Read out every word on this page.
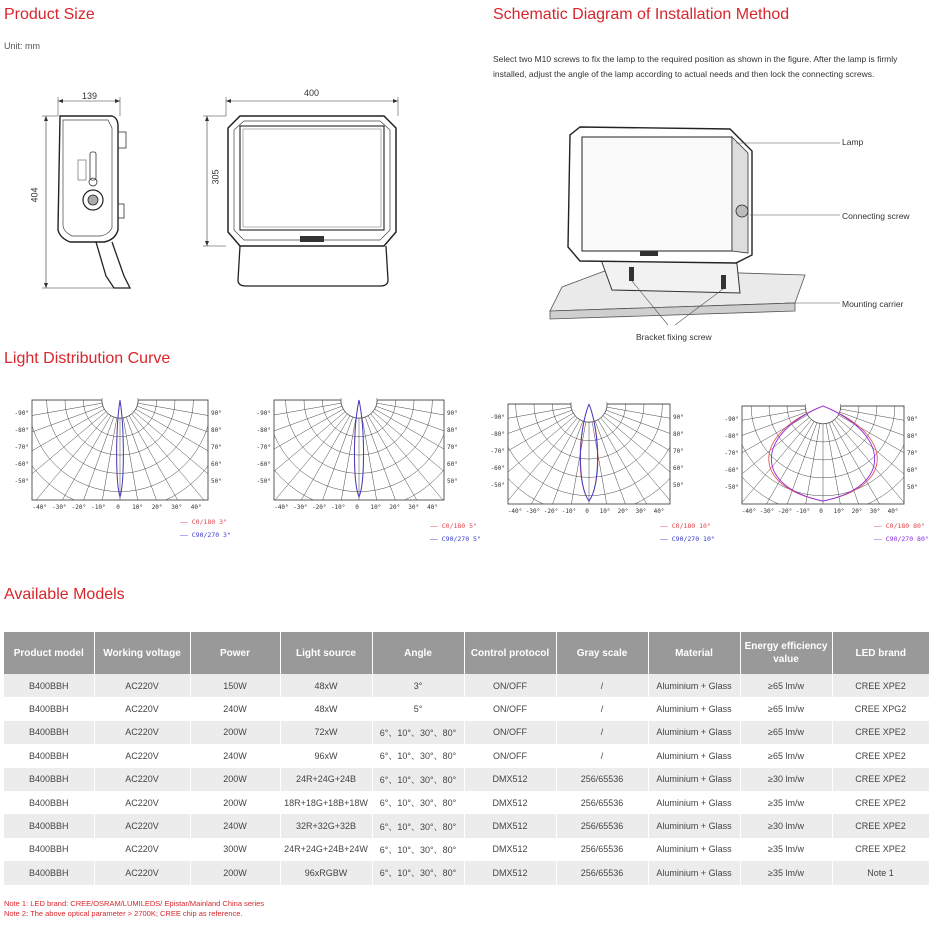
Product Size
Unit: mm
139
404
400
305
Schematic Diagram of Installation Method
Select two M10 screws to fix the lamp to the required position as shown in the figure. After the lamp is firmly installed, adjust the angle of the lamp according to actual needs and then lock the connecting screws.
Lamp
Connecting screw
Mounting carrier
Bracket fixing screw
Light Distribution Curve
-90°
-80°
-70°
-60°
-50°
90°
80°
70°
60°
50°
-40° -30° -20° -10° 0 10° 20° 30° 40°
—— C0/180 3°
—— C90/270 3°
-90°
-80°
-70°
-60°
-50°
90°
80°
70°
60°
50°
-40° -30° -20° -10° 0 10° 20° 30° 40°
—— C0/180 5°
—— C90/270 5°
-90°
-80°
-70°
-60°
-50°
90°
80°
70°
60°
50°
-40° -30° -20° -10° 0 10° 20° 30° 40°
—— C0/180 10°
—— C90/270 10°
-90°
-80°
-70°
-60°
-50°
90°
80°
70°
60°
50°
-40° -30° -20° -10° 0 10° 20° 30° 40°
—— C0/180 80°
—— C90/270 80°
Available Models
Product model	Working voltage	Power	Light source	Angle	Control protocol	Gray scale	Material	Energy efficiency value	LED brand
B400BBH	AC220V	150W	48xW	3°	ON/OFF	/	Aluminium + Glass	≥65 lm/w	CREE XPE2
B400BBH	AC220V	240W	48xW	5°	ON/OFF	/	Aluminium + Glass	≥65 lm/w	CREE XPG2
B400BBH	AC220V	200W	72xW	6°、10°、30°、80°	ON/OFF	/	Aluminium + Glass	≥65 lm/w	CREE XPE2
B400BBH	AC220V	240W	96xW	6°、10°、30°、80°	ON/OFF	/	Aluminium + Glass	≥65 lm/w	CREE XPE2
B400BBH	AC220V	200W	24R+24G+24B	6°、10°、30°、80°	DMX512	256/65536	Aluminium + Glass	≥30 lm/w	CREE XPE2
B400BBH	AC220V	200W	18R+18G+18B+18W	6°、10°、30°、80°	DMX512	256/65536	Aluminium + Glass	≥35 lm/w	CREE XPE2
B400BBH	AC220V	240W	32R+32G+32B	6°、10°、30°、80°	DMX512	256/65536	Aluminium + Glass	≥30 lm/w	CREE XPE2
B400BBH	AC220V	300W	24R+24G+24B+24W	6°、10°、30°、80°	DMX512	256/65536	Aluminium + Glass	≥35 lm/w	CREE XPE2
B400BBH	AC220V	200W	96xRGBW	6°、10°、30°、80°	DMX512	256/65536	Aluminium + Glass	≥35 lm/w	Note 1
Note 1: LED brand: CREE/OSRAM/LUMILEDS/ Epistar/Mainland China series
Note 2: The above optical parameter > 2700K; CREE chip as reference.
